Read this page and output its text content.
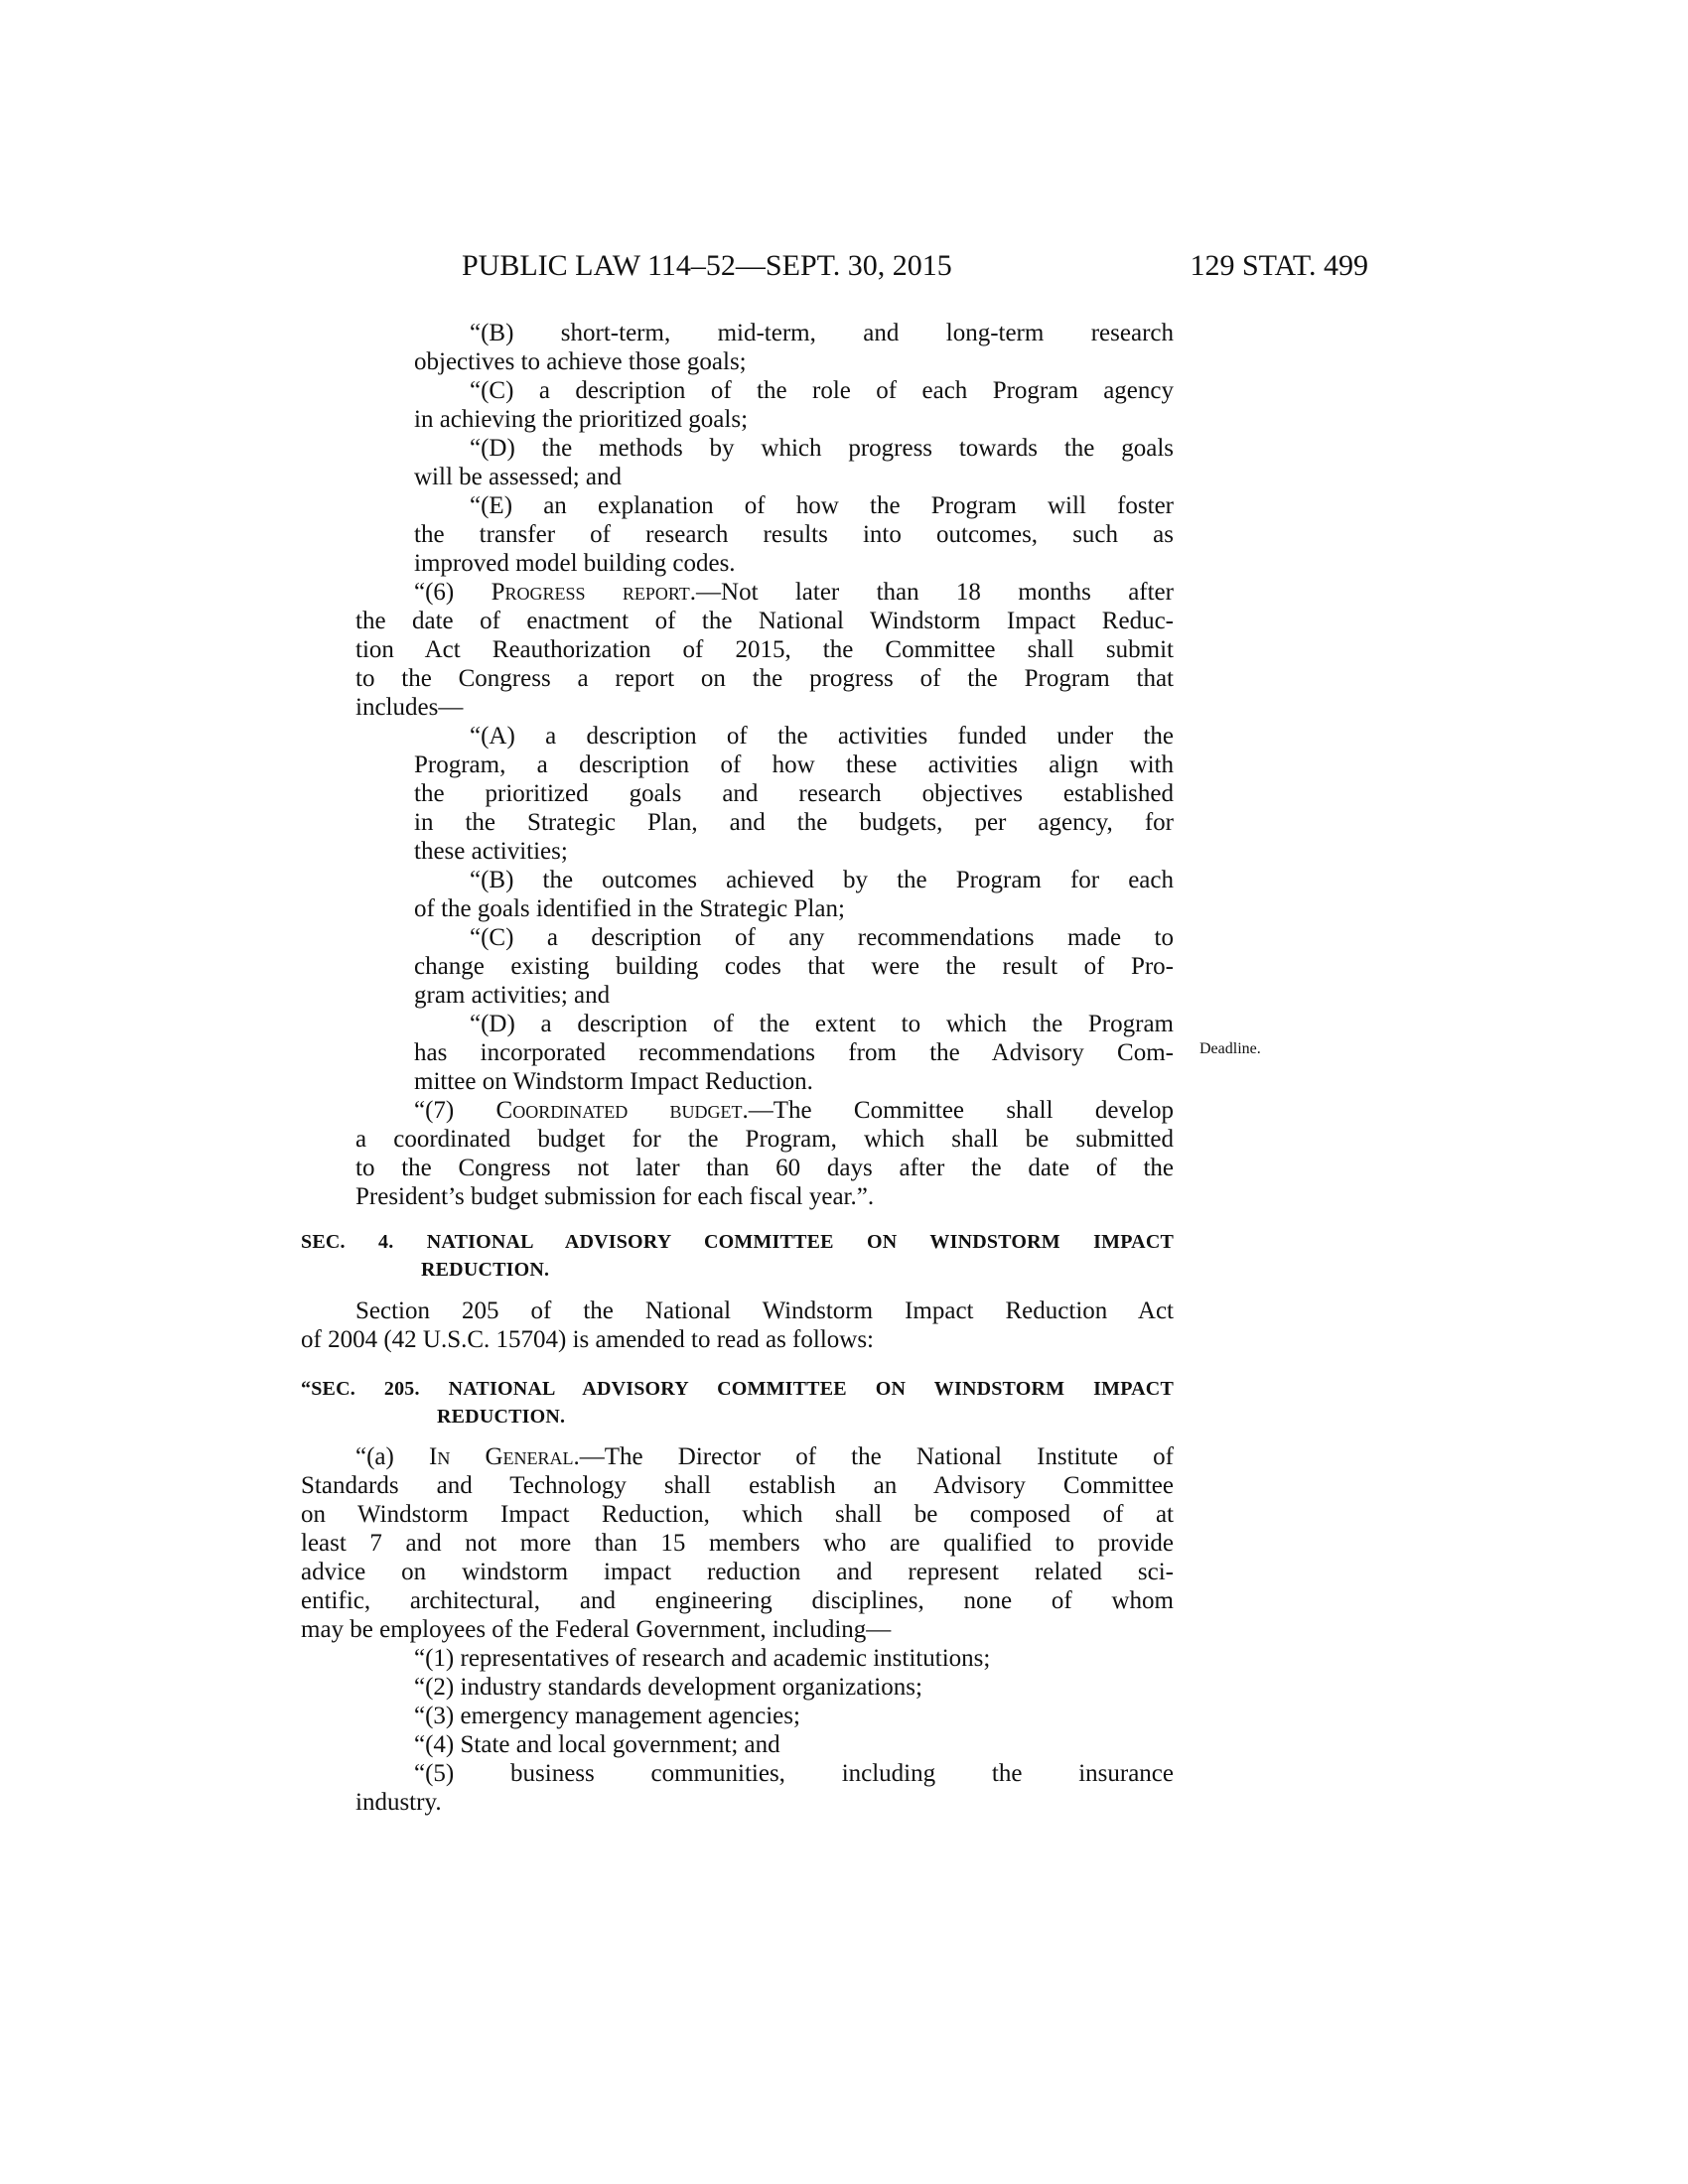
PUBLIC LAW 114–52—SEPT. 30, 2015	129 STAT. 499
Deadline.
“(B) short-term, mid-term, and long-term research
objectives to achieve those goals;
“(C) a description of the role of each Program agency
in achieving the prioritized goals;
“(D) the methods by which progress towards the goals
will be assessed; and
“(E) an explanation of how the Program will foster
the transfer of research results into outcomes, such as
improved model building codes.
“(6) Progress report.—Not later than 18 months after
the date of enactment of the National Windstorm Impact Reduc-
tion Act Reauthorization of 2015, the Committee shall submit
to the Congress a report on the progress of the Program that
includes—
“(A) a description of the activities funded under the
Program, a description of how these activities align with
the prioritized goals and research objectives established
in the Strategic Plan, and the budgets, per agency, for
these activities;
“(B) the outcomes achieved by the Program for each
of the goals identified in the Strategic Plan;
“(C) a description of any recommendations made to
change existing building codes that were the result of Pro-
gram activities; and
“(D) a description of the extent to which the Program
has incorporated recommendations from the Advisory Com-
mittee on Windstorm Impact Reduction.
“(7) Coordinated budget.—The Committee shall develop
a coordinated budget for the Program, which shall be submitted
to the Congress not later than 60 days after the date of the
President’s budget submission for each fiscal year.”.
SEC. 4. NATIONAL ADVISORY COMMITTEE ON WINDSTORM IMPACT
REDUCTION.
Section 205 of the National Windstorm Impact Reduction Act
of 2004 (42 U.S.C. 15704) is amended to read as follows:
“SEC. 205. NATIONAL ADVISORY COMMITTEE ON WINDSTORM IMPACT
REDUCTION.
“(a) In General.—The Director of the National Institute of
Standards and Technology shall establish an Advisory Committee
on Windstorm Impact Reduction, which shall be composed of at
least 7 and not more than 15 members who are qualified to provide
advice on windstorm impact reduction and represent related sci-
entific, architectural, and engineering disciplines, none of whom
may be employees of the Federal Government, including—
“(1) representatives of research and academic institutions;
“(2) industry standards development organizations;
“(3) emergency management agencies;
“(4) State and local government; and
“(5) business communities, including the insurance
industry.
